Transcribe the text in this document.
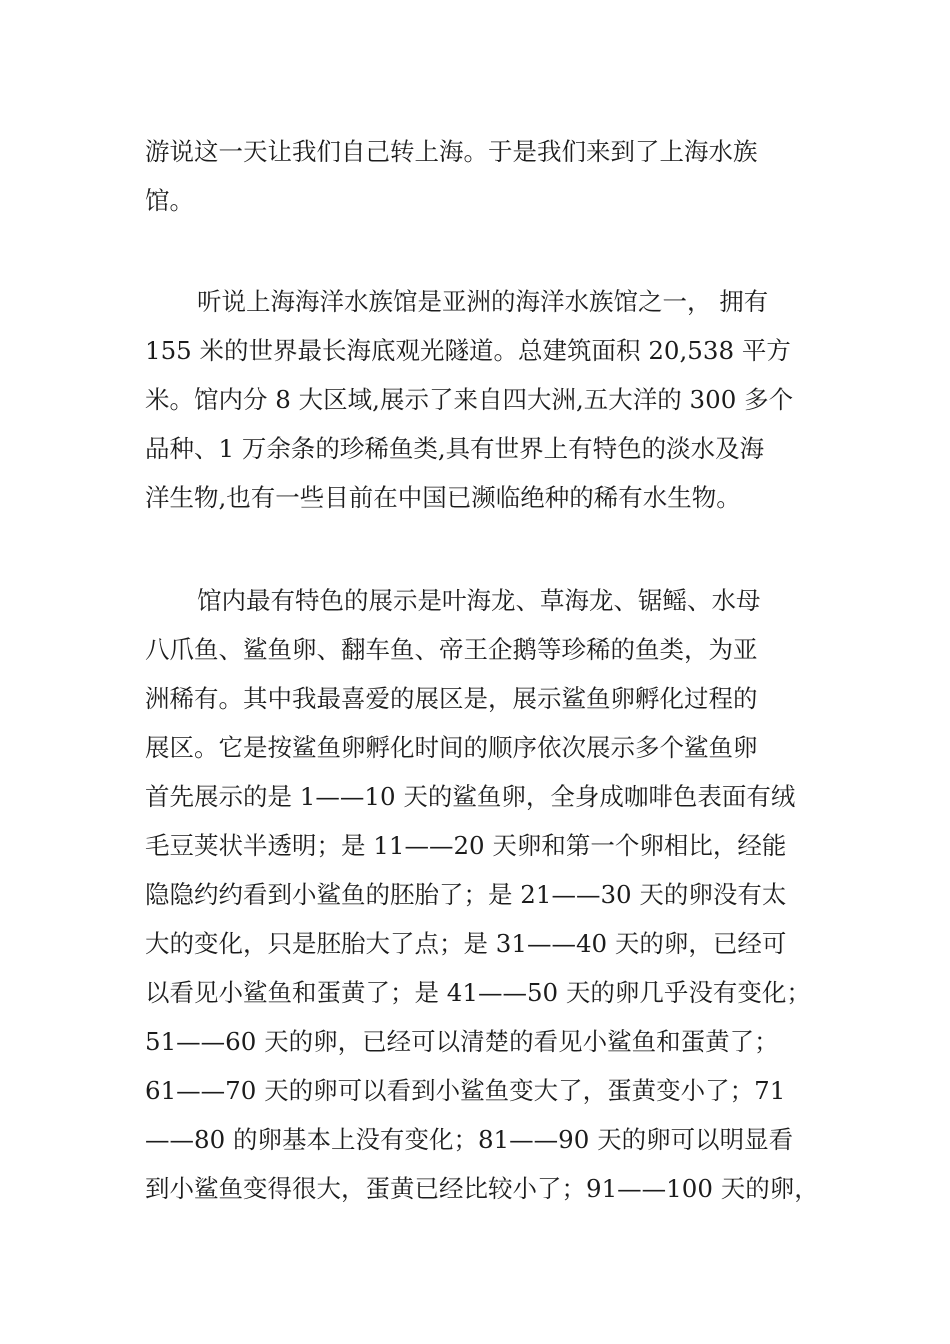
游说这一天让我们自己转上海。于是我们来到了上海水族
馆。

听说上海海洋水族馆是亚洲的海洋水族馆之一， 拥有
155 米的世界最长海底观光隧道。总建筑面积 20,538 平方
米。馆内分 8 大区域,展示了来自四大洲,五大洋的 300 多个
品种、1 万余条的珍稀鱼类,具有世界上有特色的淡水及海
洋生物,也有一些目前在中国已濒临绝种的稀有水生物。

馆内最有特色的展示是叶海龙、草海龙、锯鳐、水母
八爪鱼、鲨鱼卵、翻车鱼、帝王企鹅等珍稀的鱼类，为亚
洲稀有。其中我最喜爱的展区是，展示鲨鱼卵孵化过程的
展区。它是按鲨鱼卵孵化时间的顺序依次展示多个鲨鱼卵
首先展示的是 1——10 天的鲨鱼卵，全身成咖啡色表面有绒
毛豆荚状半透明；是 11——20 天卵和第一个卵相比，经能
隐隐约约看到小鲨鱼的胚胎了；是 21——30 天的卵没有太
大的变化，只是胚胎大了点；是 31——40 天的卵，已经可
以看见小鲨鱼和蛋黄了；是 41——50 天的卵几乎没有变化；
51——60 天的卵，已经可以清楚的看见小鲨鱼和蛋黄了；
61——70 天的卵可以看到小鲨鱼变大了，蛋黄变小了；71
——80 的卵基本上没有变化；81——90 天的卵可以明显看
到小鲨鱼变得很大，蛋黄已经比较小了；91——100 天的卵，
